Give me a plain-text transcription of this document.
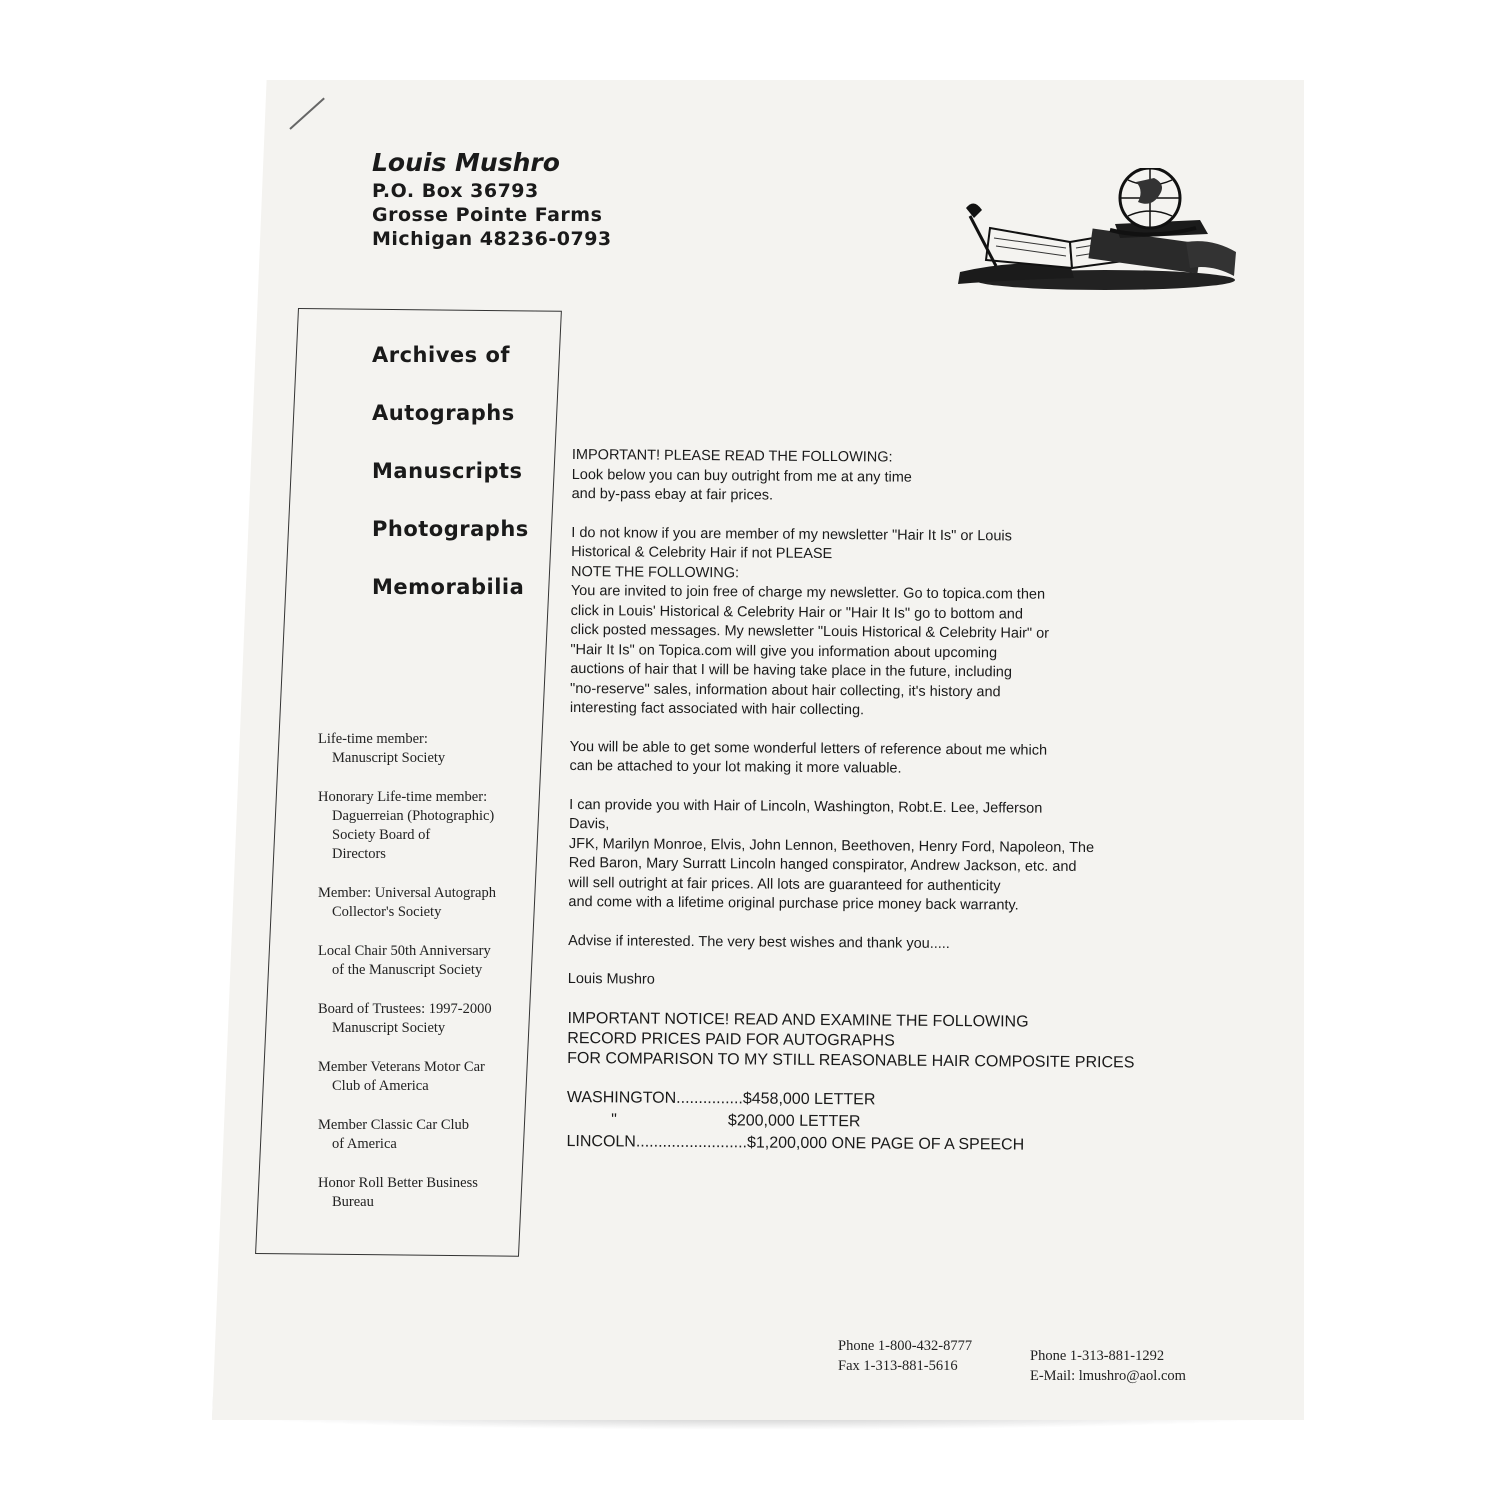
Louis Mushro
P.O. Box 36793
Grosse Pointe Farms
Michigan 48236-0793
Archives of
Autographs
Manuscripts
Photographs
Memorabilia
Life-time member:
Manuscript Society
Honorary Life-time member:
Daguerreian (Photographic)
Society Board of
Directors
Member: Universal Autograph
Collector's Society
Local Chair 50th Anniversary
of the Manuscript Society
Board of Trustees: 1997-2000
Manuscript Society
Member Veterans Motor Car
Club of America
Member Classic Car Club
of America
Honor Roll Better Business
Bureau

IMPORTANT! PLEASE READ THE FOLLOWING:
Look below you can buy outright from me at any time
and by-pass ebay at fair prices.

I do not know if you are member of my newsletter "Hair It Is" or Louis
Historical & Celebrity Hair if not PLEASE
NOTE THE FOLLOWING:
You are invited to join free of charge my newsletter. Go to topica.com then
click in Louis' Historical & Celebrity Hair or "Hair It Is" go to bottom and
click posted messages. My newsletter "Louis Historical & Celebrity Hair" or
"Hair It Is" on Topica.com will give you information about upcoming
auctions of hair that I will be having take place in the future, including
"no-reserve" sales, information about hair collecting, it's history and
interesting fact associated with hair collecting.

You will be able to get some wonderful letters of reference about me which
can be attached to your lot making it more valuable.

I can provide you with Hair of Lincoln, Washington, Robt.E. Lee, Jefferson
Davis,
JFK, Marilyn Monroe, Elvis, John Lennon, Beethoven, Henry Ford, Napoleon, The
Red Baron, Mary Surratt Lincoln hanged conspirator, Andrew Jackson, etc. and
will sell outright at fair prices. All lots are guaranteed for authenticity
and come with a lifetime original purchase price money back warranty.

Advise if interested. The very best wishes and thank you.....

Louis Mushro

IMPORTANT NOTICE! READ AND EXAMINE THE FOLLOWING
RECORD PRICES PAID FOR AUTOGRAPHS
FOR COMPARISON TO MY STILL REASONABLE HAIR COMPOSITE PRICES
WASHINGTON...............$458,000 LETTER
"                         $200,000 LETTER
LINCOLN.........................$1,200,000 ONE PAGE OF A SPEECH
Phone 1-800-432-8777
Fax 1-313-881-5616
Phone 1-313-881-1292
E-Mail: lmushro@aol.com
